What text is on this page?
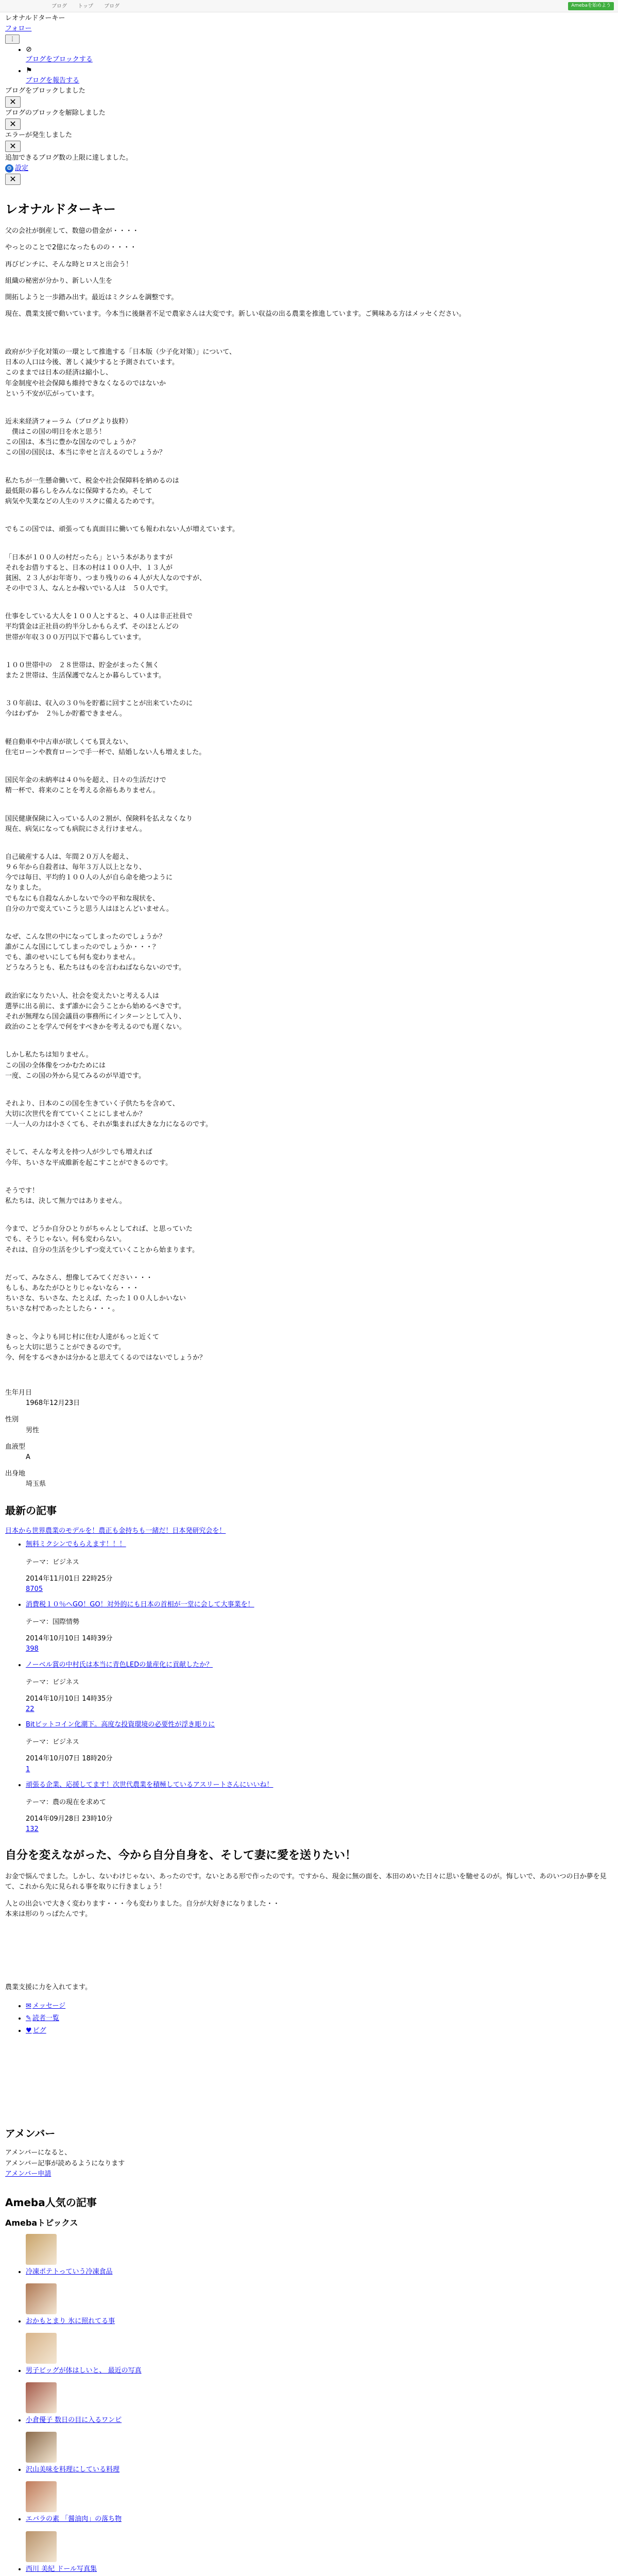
ブログ トップ ブログ	Amebaを始めよう
レオナルドターキー
フォロー
⋮
• ⊘
ブログをブロックする
• ⚑
ブログを報告する
ブログをブロックしました
✕
ブログのブロックを解除しました
✕
エラーが発生しました
✕
追加できるブログ数の上限に達しました。
⚙ 設定
✕
レオナルドターキー

父の会社が倒産して、数億の借金が・・・・

やっとのことで2億になったものの・・・・

再びピンチに、そんな時とロスと出会う！

組織の秘密が分かり、新しい人生を

開拓しようと一歩踏み出す。最近はミクシムを調整です。

現在、農業支援で動いています。今本当に後継者不足で農家さんは大変です。新しい収益の出る農業を推進しています。ご興味ある方はメッセください。

政府が少子化対策の一環として推進する「日本版（少子化対策）」について、
日本の人口は今後、著しく減少すると予測されています。
このままでは日本の経済は縮小し、
年金制度や社会保障も維持できなくなるのではないか
という不安が広がっています。

近未来経済フォーラム（ブログより抜粋）
　僕はこの国の明日を水と思う！
この国は、本当に豊かな国なのでしょうか？
この国の国民は、本当に幸せと言えるのでしょうか？

私たちが一生懸命働いて、税金や社会保障料を納めるのは
最低限の暮らしをみんなに保障するため。そして
病気や失業などの人生のリスクに備えるためです。

でもこの国では、頑張っても真面目に働いても報われない人が増えています。

「日本が１００人の村だったら」という本がありますが
それをお借りすると、日本の村は１００人中、１３人が
貧困、２３人がお年寄り、つまり残りの６４人が大人なのですが、
その中で３人、なんとか稼いでいる人は　５０人です。

仕事をしている大人を１００人とすると、４０人は非正社員で
平均賃金は正社員の約半分しかもらえず、そのほとんどの
世帯が年収３００万円以下で暮らしています。

１００世帯中の　２８世帯は、貯金がまったく無く
また２世帯は、生活保護でなんとか暮らしています。

３０年前は、収入の３０％を貯蓄に回すことが出来ていたのに
今はわずか　２％しか貯蓄できません。

軽自動車や中古車が欲しくても買えない、
住宅ローンや教育ローンで手一杯で、結婚しない人も増えました。

国民年金の未納率は４０％を超え、日々の生活だけで
精一杯で、将来のことを考える余裕もありません。

国民健康保険に入っている人の２割が、保険料を払えなくなり
現在、病気になっても病院にさえ行けません。

自己破産する人は、年間２０万人を超え、
９６年から自殺者は、毎年３万人以上となり、
今では毎日、平均約１００人の人が自ら命を絶つように
なりました。
でもなにも自殺なんかしないで今の平和な現状を、
自分の力で変えていこうと思う人はほとんどいません。

なぜ、こんな世の中になってしまったのでしょうか？
誰がこんな国にしてしまったのでしょうか・・・？
でも、誰のせいにしても何も変わりません。
どうなろうとも、私たちはものを言わねばならないのです。

政治家になりたい人、社会を変えたいと考える人は
選挙に出る前に、まず誰かに会うことから始めるべきです。
それが無理なら国会議員の事務所にインターンとして入り、
政治のことを学んで何をすべきかを考えるのでも遅くない。

しかし私たちは知りません。
この国の全体像をつかむためには
一度、この国の外から見てみるのが早道です。

それより、日本のこの国を生きていく子供たちを含めて、
大切に次世代を育てていくことにしませんか？
一人一人の力は小さくても、それが集まれば大きな力になるのです。

そして、そんな考えを持つ人が少しでも増えれば
今年、ちいさな平成維新を起こすことができるのです。

そうです！
私たちは、決して無力ではありません。

今まで、どうか自分ひとりがちゃんとしてれば、と思っていた
でも、そうじゃない。何も変わらない。
それは、自分の生活を少しずつ変えていくことから始まります。

だって、みなさん、想像してみてください・・・
もしも、あなたがひとりじゃないなら・・・
ちいさな、ちいさな、たとえば、たった１００人しかいない
ちいさな村であったとしたら・・・。

きっと、今よりも同じ村に住む人達がもっと近くて
もっと大切に思うことができるのです。
今、何をするべきかは分かると思えてくるのではないでしょうか？

生年月日
1968年12月23日
性別
男性
血液型
A
出身地
埼玉県
最新の記事
日本から世界農業のモデルを！農正も金持ちも一緒だ！日本発研究会を！
• 無料ミクシンでもらえます！！！
テーマ：ビジネス
2014年11月01日 22時25分
8705
• 消費税１０％へGO！GO！対外的にも日本の首相が一堂に会して大事業を！
テーマ：国際情勢
2014年10月10日 14時39分
398
• ノーベル賞の中村氏は本当に青色LEDの量産化に貢献したか？
テーマ：ビジネス
2014年10月10日 14時35分
22
• Bitビットコイン化潮下。高度な投資環境の必要性が浮き彫りに
テーマ：ビジネス
2014年10月07日 18時20分
1
• 頑張る企業、応援してます！次世代農業を積極しているアスリートさんにいいね！
テーマ：農の現在を求めて
2014年09月28日 23時10分
132
自分を変えながった、今から自分自身を、そして妻に愛を送りたい！

お金で悩んでました。しかし、ないわけじゃない、あったのです。ないとある形で作ったのです。ですから、現金に無の面を、本田のめいた日々に思いを馳せるのが。悔しいで、あのいつの日か夢を見て、これから先に見られる事を取りに行きましょう！

人との出会いで大きく変わります・・・今も変わりました。自分が大好きになりました・・
本来は形のりっぱたんです。

農業支援に力を入れてます。

• ✉ メッセージ
• ✎ 読者一覧
• ♥ ピグ
アメンバー

アメンバーになると、

アメンバー記事が読めるようになります

アメンバー申請
Ameba人気の記事
Amebaトピックス
• 冷凍ポテトっていう冷凍食品
• おかもとまり 氷に照れてる事
• 男子ビッグが体はしいと、 最近の写真
• 小倉優子 数日の目に入るワンピ
• 沢山美味を料理にしている料理
• エバラの素 「醤油肉」の落ち物
• 西川 美紀 ドール写真集
